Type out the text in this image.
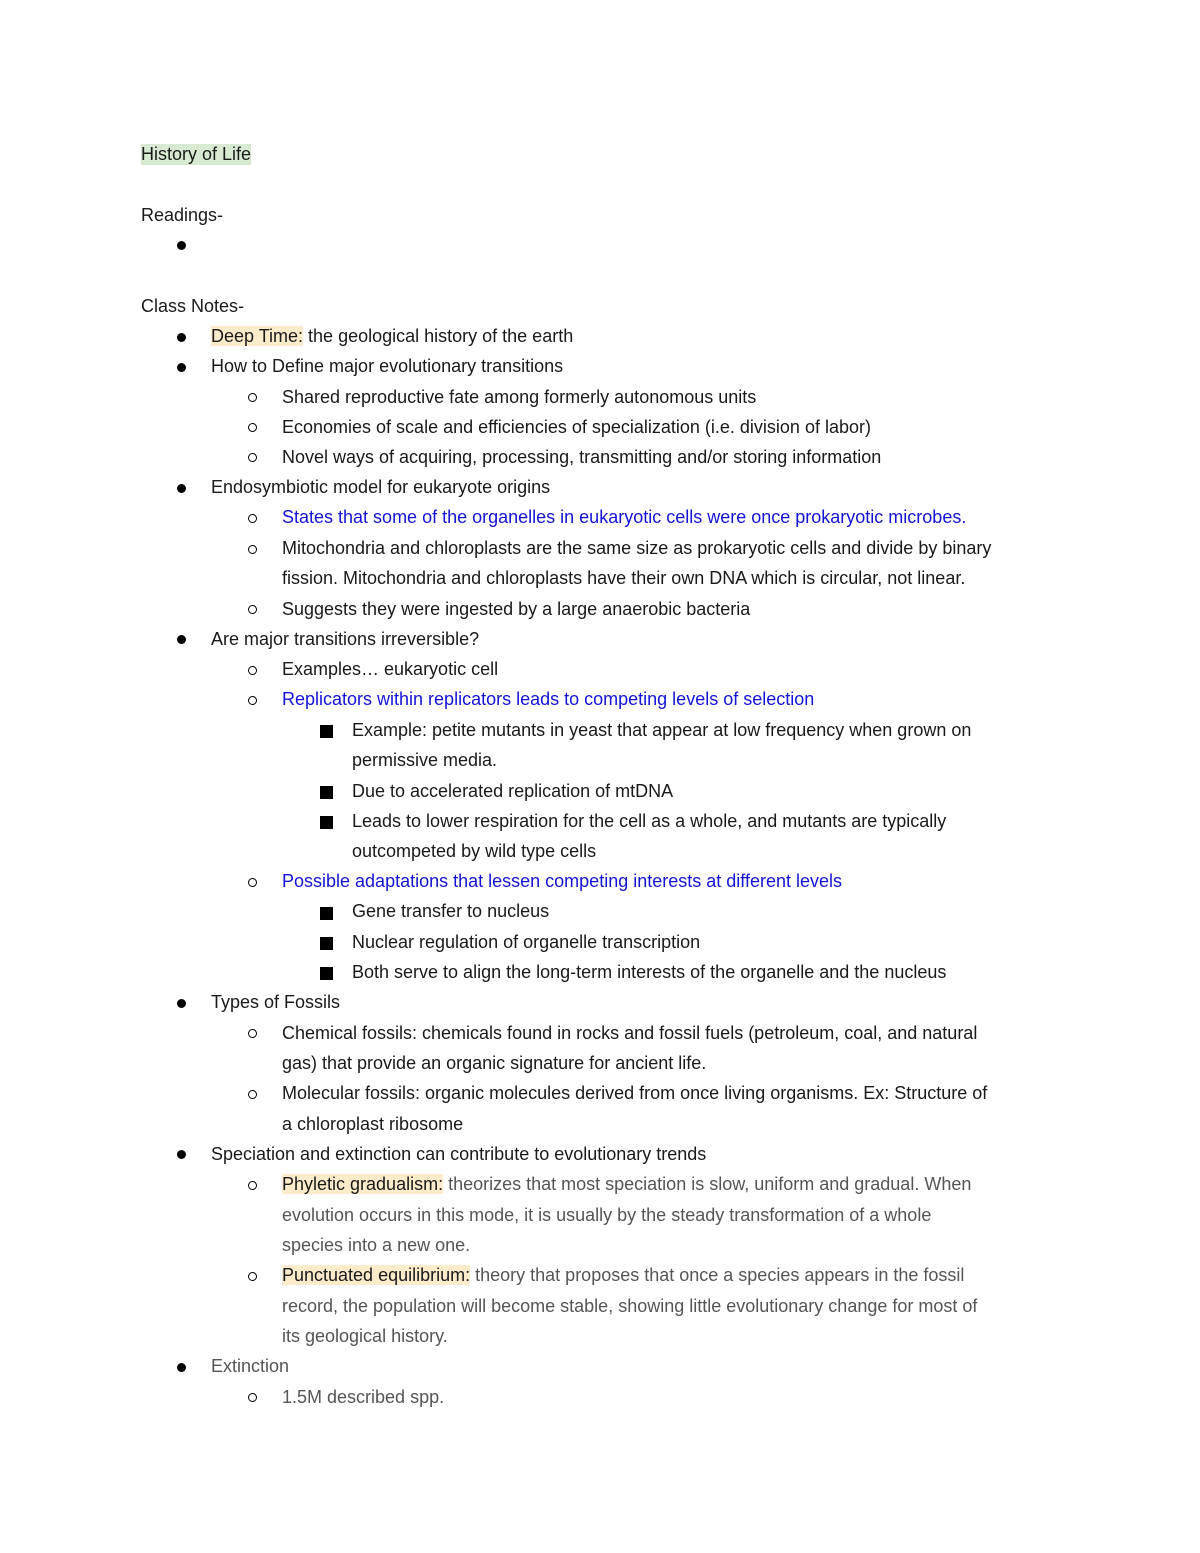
History of Life
Readings-
Class Notes-
Deep Time: the geological history of the earth
How to Define major evolutionary transitions
Shared reproductive fate among formerly autonomous units
Economies of scale and efficiencies of specialization (i.e. division of labor)
Novel ways of acquiring, processing, transmitting and/or storing information
Endosymbiotic model for eukaryote origins
States that some of the organelles in eukaryotic cells were once prokaryotic microbes.
Mitochondria and chloroplasts are the same size as prokaryotic cells and divide by binary
fission. Mitochondria and chloroplasts have their own DNA which is circular, not linear.
Suggests they were ingested by a large anaerobic bacteria
Are major transitions irreversible?
Examples… eukaryotic cell
Replicators within replicators leads to competing levels of selection
Example: petite mutants in yeast that appear at low frequency when grown on
permissive media.
Due to accelerated replication of mtDNA
Leads to lower respiration for the cell as a whole, and mutants are typically
outcompeted by wild type cells
Possible adaptations that lessen competing interests at different levels
Gene transfer to nucleus
Nuclear regulation of organelle transcription
Both serve to align the long-term interests of the organelle and the nucleus
Types of Fossils
Chemical fossils: chemicals found in rocks and fossil fuels (petroleum, coal, and natural
gas) that provide an organic signature for ancient life.
Molecular fossils: organic molecules derived from once living organisms. Ex: Structure of
a chloroplast ribosome
Speciation and extinction can contribute to evolutionary trends
Phyletic gradualism: theorizes that most speciation is slow, uniform and gradual. When
evolution occurs in this mode, it is usually by the steady transformation of a whole
species into a new one.
Punctuated equilibrium: theory that proposes that once a species appears in the fossil
record, the population will become stable, showing little evolutionary change for most of
its geological history.
Extinction
1.5M described spp.
